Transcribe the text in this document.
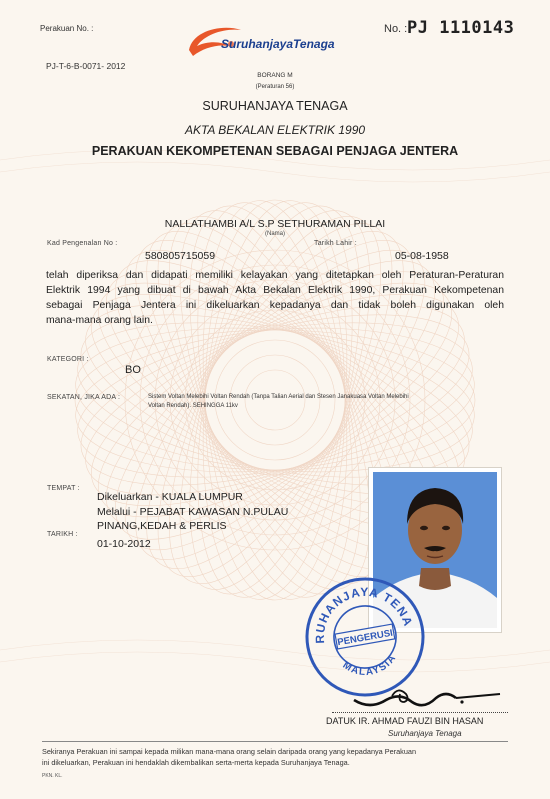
Perakuan No. :
PJ-T-6-B-0071- 2012
SuruhanjayaTenaga
No. : PJ 1110143
BORANG M
(Peraturan 56)
SURUHANJAYA TENAGA
AKTA BEKALAN ELEKTRIK 1990
PERAKUAN KEKOMPETENAN SEBAGAI PENJAGA JENTERA
NALLATHAMBI A/L S.P SETHURAMAN PILLAI
(Nama)
Kad Pengenalan No :
580805715059
Tarikh Lahir :
05-08-1958
telah diperiksa dan didapati memiliki kelayakan yang ditetapkan oleh Peraturan-Peraturan
Elektrik 1994 yang dibuat di bawah Akta Bekalan Elektrik 1990, Perakuan Kekompetenan
sebagai Penjaga Jentera ini dikeluarkan kepadanya dan tidak boleh digunakan oleh
mana-mana orang lain.
KATEGORI :
BO
SEKATAN, JIKA ADA :	Sistem Voltan Melebihi Voltan Rendah (Tanpa Talian Aerial dan Stesen Janakuasa Voltan Melebihi
Voltan Rendah). SEHINGGA 11kv
TEMPAT :
Dikeluarkan - KUALA LUMPUR
Melalui - PEJABAT KAWASAN N.PULAU
PINANG,KEDAH & PERLIS
TARIKH :
01-10-2012
SURUHANJAYA TENAGA
MALAYSIA
PENGERUSI
DATUK IR. AHMAD FAUZI BIN HASAN
Suruhanjaya Tenaga
Sekiranya Perakuan ini sampai kepada milikan mana-mana orang selain daripada orang yang kepadanya Perakuan
ini dikeluarkan, Perakuan ini hendaklah dikembalikan serta-merta kepada Suruhanjaya Tenaga.
PKN. KL.
